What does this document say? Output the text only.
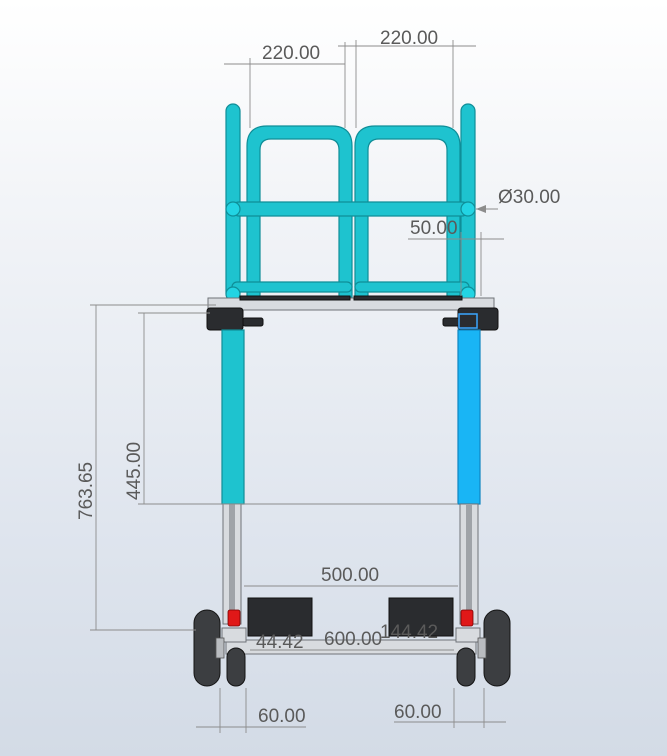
220.00
220.00
Ø30.00
50.00
763.65 445.00
500.00
44.42 600.00
144.42
60.00	60.00
